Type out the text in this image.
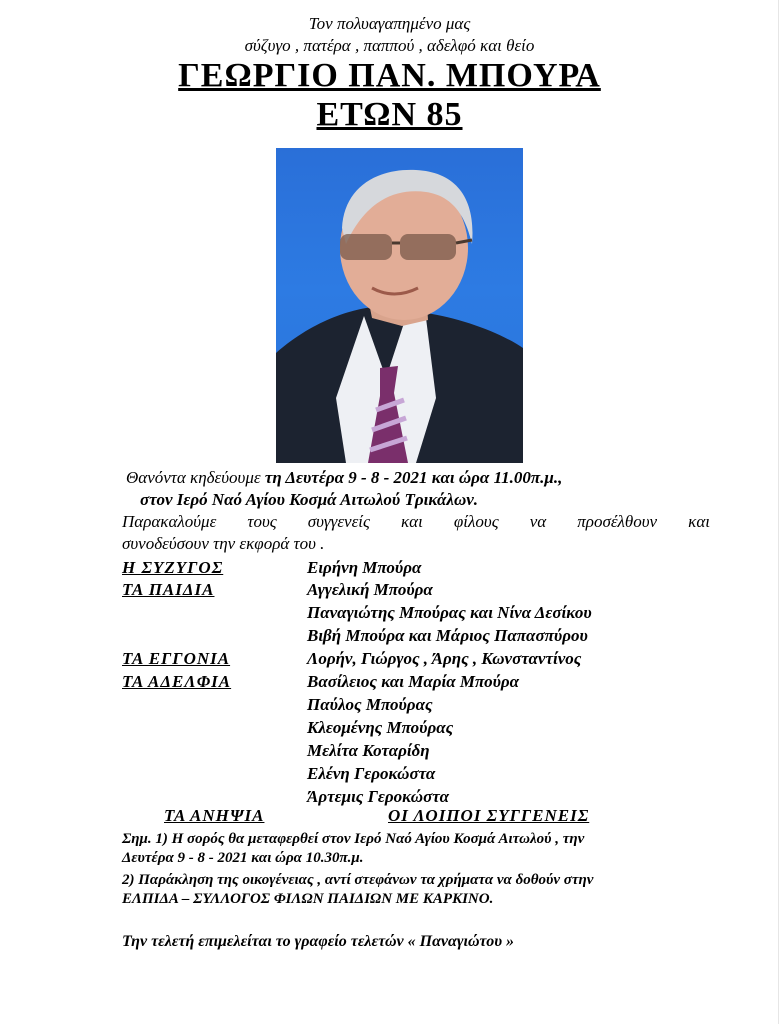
Τον πολυαγαπημένο μας
σύζυγο , πατέρα , παππού , αδελφό και θείο
ΓΕΩΡΓΙΟ ΠΑΝ. ΜΠΟΥΡΑ
ΕΤΩΝ 85
Θανόντα κηδεύουμε τη Δευτέρα 9 - 8 - 2021 και ώρα 11.00π.μ.,
στον Ιερό Ναό Αγίου Κοσμά Αιτωλού Τρικάλων.
Παρακαλούμε τους συγγενείς και φίλους να προσέλθουν και
συνοδεύσουν την εκφορά του .
Η ΣΥΖΥΓΟΣ	Ειρήνη Μπούρα
ΤΑ ΠΑΙΔΙΑ	Αγγελική Μπούρα
Παναγιώτης Μπούρας και Νίνα Δεσίκου
Βιβή Μπούρα και Μάριος Παπασπύρου
ΤΑ ΕΓΓΟΝΙΑ	Λορήν, Γιώργος , Άρης , Κωνσταντίνος
ΤΑ ΑΔΕΛΦΙΑ	Βασίλειος και Μαρία Μπούρα
Παύλος Μπούρας
Κλεομένης Μπούρας
Μελίτα Κοταρίδη
Ελένη Γεροκώστα
Άρτεμις Γεροκώστα
ΤΑ ΑΝΗΨΙΑ	ΟΙ ΛΟΙΠΟΙ ΣΥΓΓΕΝΕΙΣ
Σημ. 1) Η σορός θα μεταφερθεί στον Ιερό Ναό Αγίου Κοσμά Αιτωλού , την
Δευτέρα 9 - 8 - 2021 και ώρα 10.30π.μ.
2) Παράκληση της οικογένειας , αντί στεφάνων τα χρήματα να δοθούν στην
ΕΛΠΙΔΑ – ΣΥΛΛΟΓΟΣ ΦΙΛΩΝ ΠΑΙΔΙΩΝ ΜΕ ΚΑΡΚΙΝΟ.
Την τελετή επιμελείται το γραφείο τελετών « Παναγιώτου »
